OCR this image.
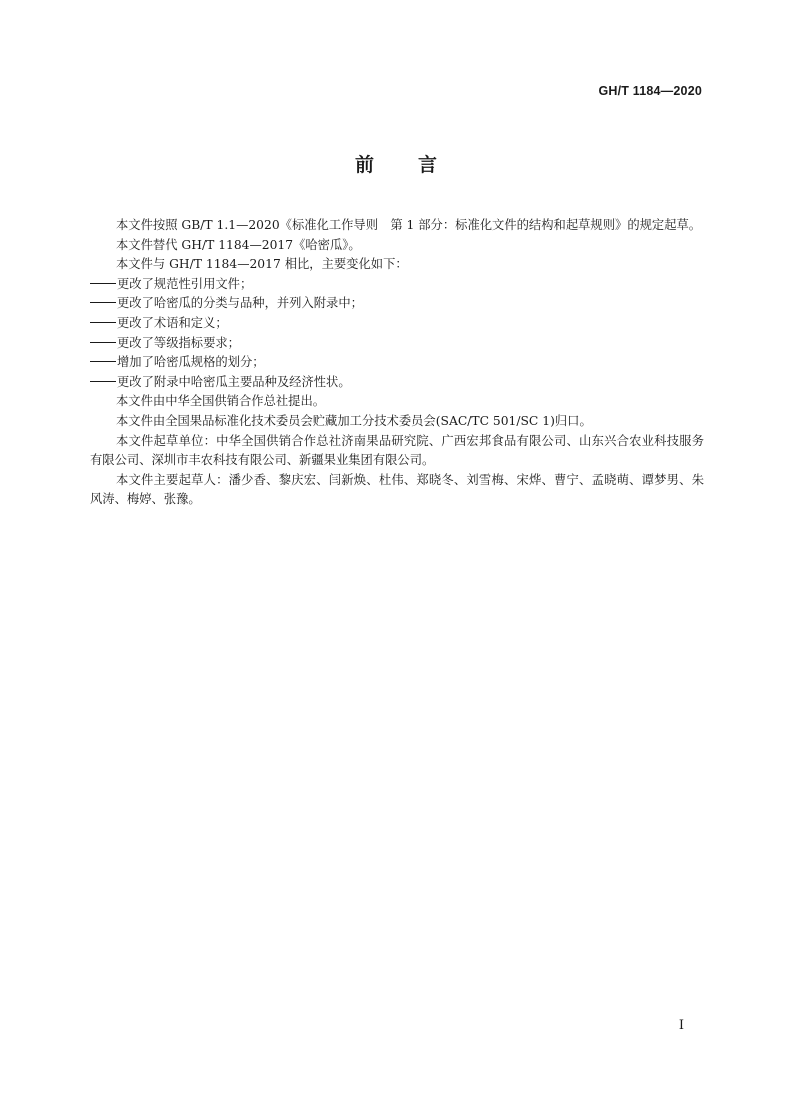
GH/T 1184—2020
前言

本文件按照 GB/T 1.1—2020《标准化工作导则　第 1 部分：标准化文件的结构和起草规则》的规定起草。

本文件替代 GH/T 1184—2017《哈密瓜》。

本文件与 GH/T 1184—2017 相比，主要变化如下：

更改了规范性引用文件；

更改了哈密瓜的分类与品种，并列入附录中；

更改了术语和定义；

更改了等级指标要求；

增加了哈密瓜规格的划分；

更改了附录中哈密瓜主要品种及经济性状。

本文件由中华全国供销合作总社提出。

本文件由全国果品标准化技术委员会贮藏加工分技术委员会(SAC/TC 501/SC 1)归口。

本文件起草单位：中华全国供销合作总社济南果品研究院、广西宏邦食品有限公司、山东兴合农业科技服务有限公司、深圳市丰农科技有限公司、新疆果业集团有限公司。

本文件主要起草人：潘少香、黎庆宏、闫新焕、杜伟、郑晓冬、刘雪梅、宋烨、曹宁、孟晓萌、谭梦男、朱风涛、梅婷、张豫。

I
